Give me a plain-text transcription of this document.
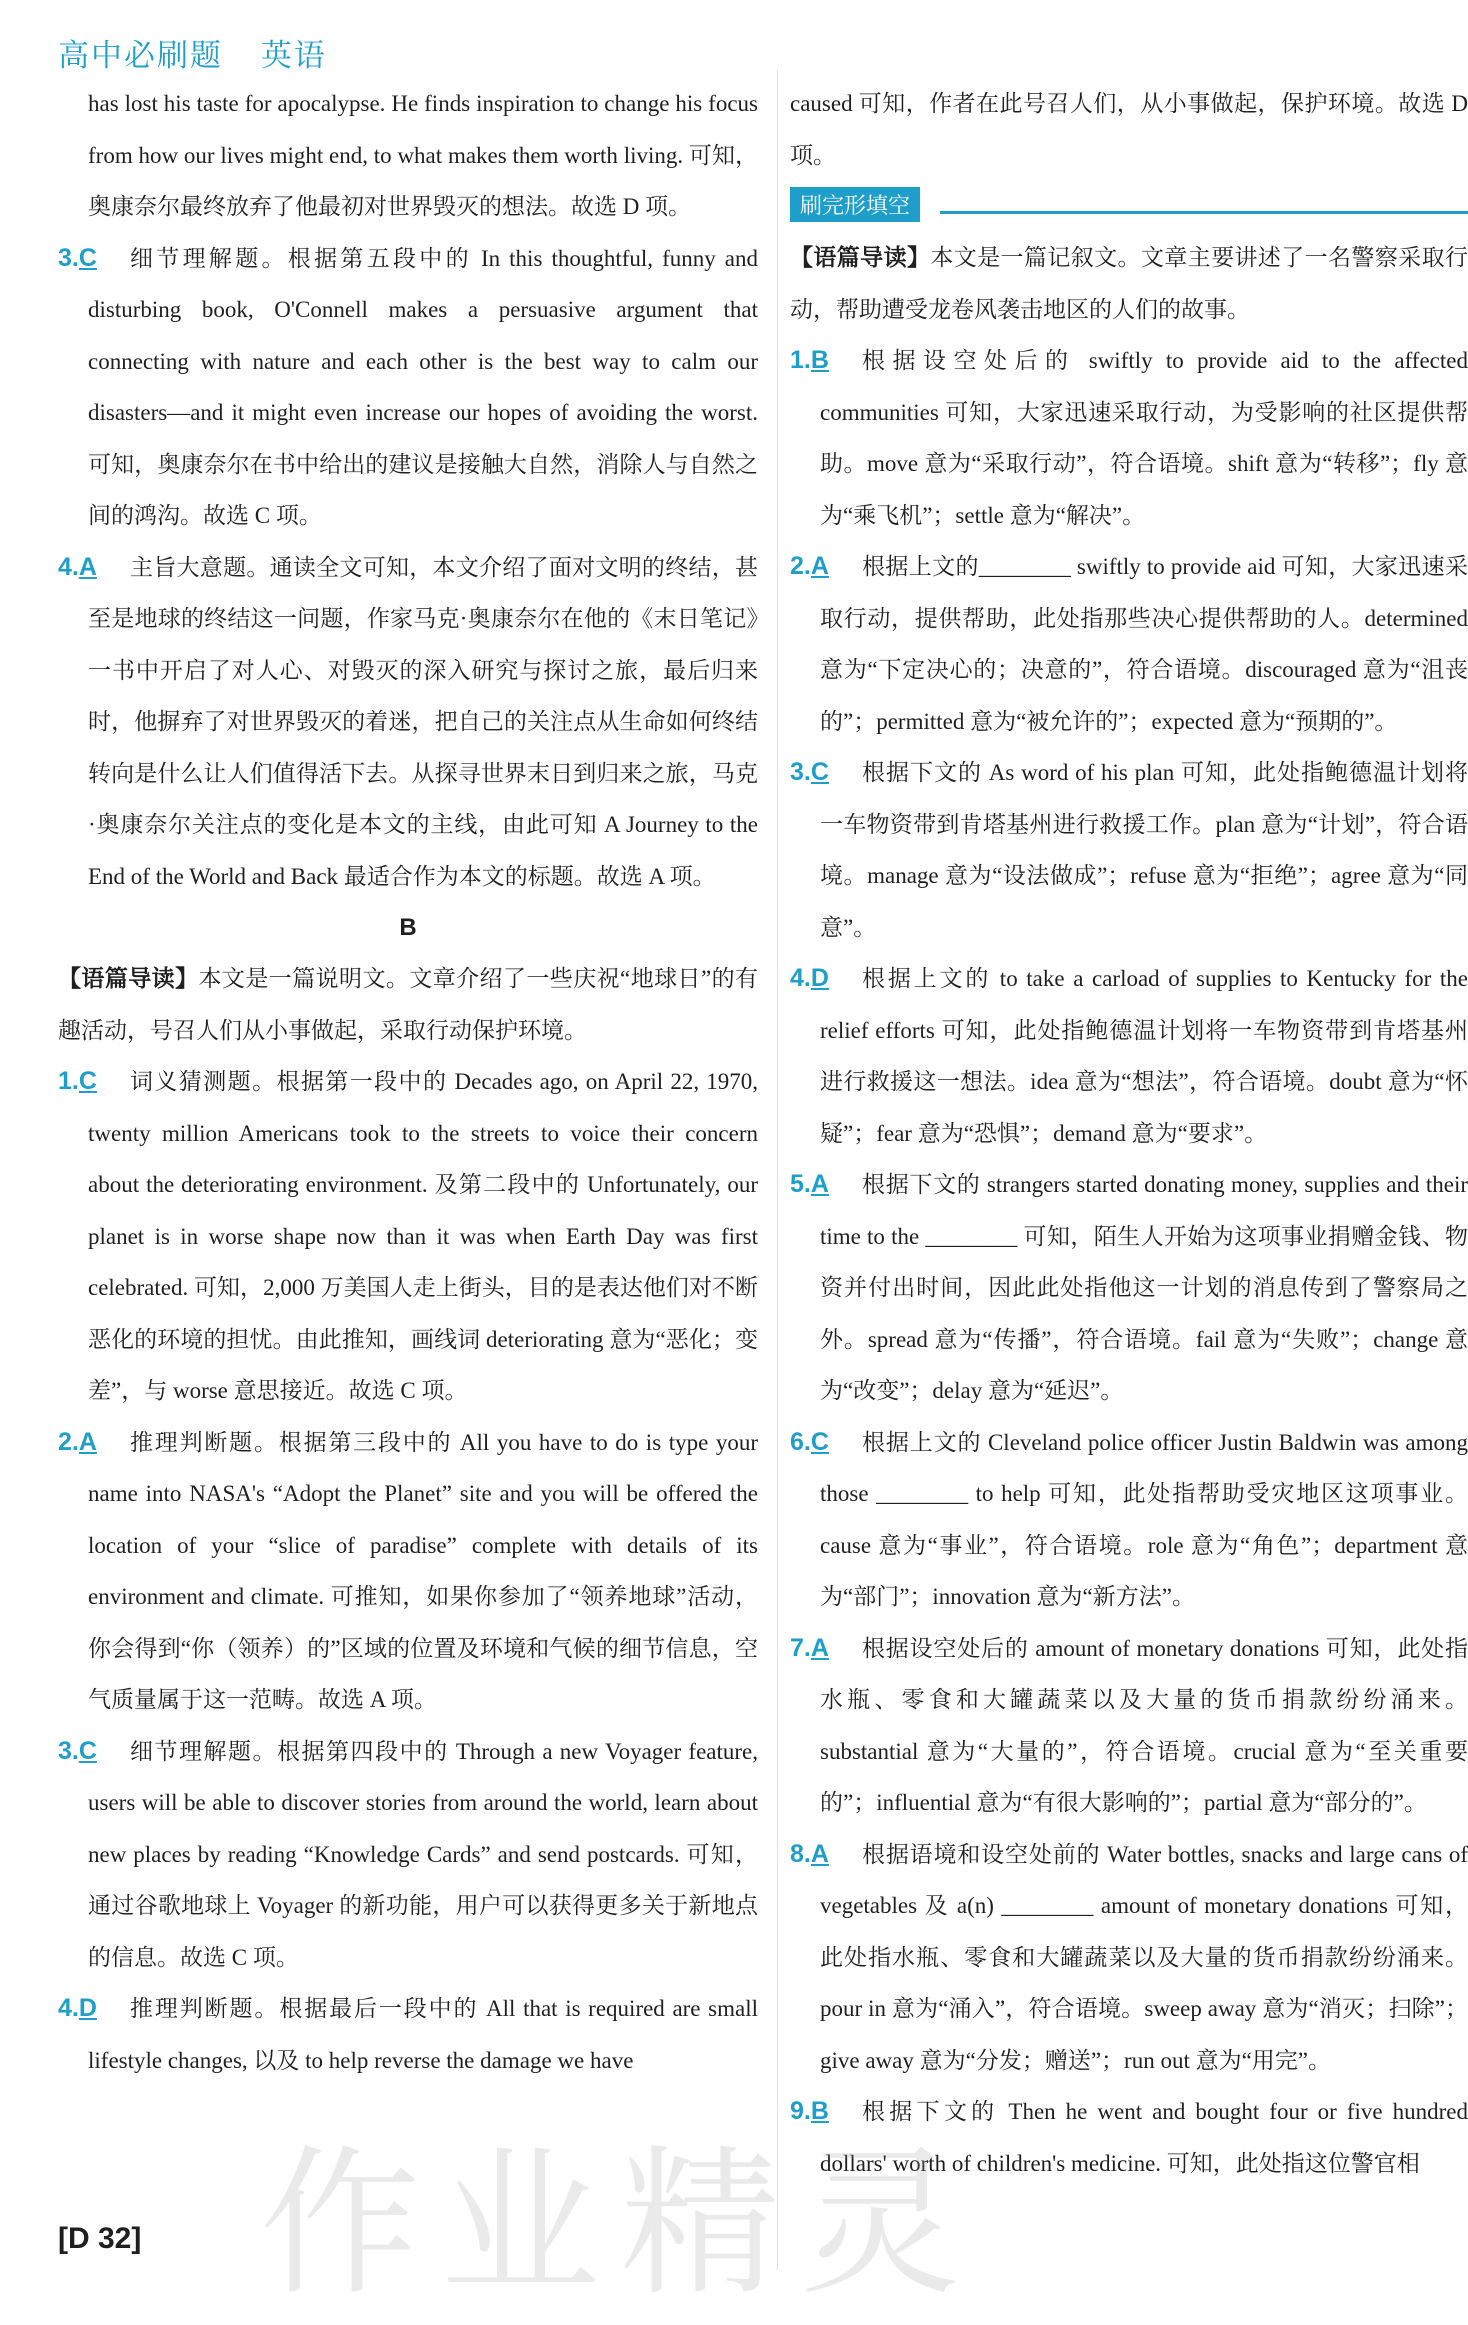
高中必刷题 英语
has lost his taste for apocalypse. He finds inspiration to change his focus from how our lives might end, to what makes them worth living. 可知，奥康奈尔最终放弃了他最初对世界毁灭的想法。故选 D 项。
3.C	细节理解题。根据第五段中的 In this thoughtful, funny and disturbing book, O'Connell makes a persuasive argument that connecting with nature and each other is the best way to calm our disasters—and it might even increase our hopes of avoiding the worst. 可知，奥康奈尔在书中给出的建议是接触大自然，消除人与自然之间的鸿沟。故选 C 项。
4.A	主旨大意题。通读全文可知，本文介绍了面对文明的终结，甚至是地球的终结这一问题，作家马克·奥康奈尔在他的《末日笔记》一书中开启了对人心、对毁灭的深入研究与探讨之旅，最后归来时，他摒弃了对世界毁灭的着迷，把自己的关注点从生命如何终结转向是什么让人们值得活下去。从探寻世界末日到归来之旅，马克·奥康奈尔关注点的变化是本文的主线，由此可知 A Journey to the End of the World and Back 最适合作为本文的标题。故选 A 项。
B
【语篇导读】本文是一篇说明文。文章介绍了一些庆祝“地球日”的有趣活动，号召人们从小事做起，采取行动保护环境。
1.C	词义猜测题。根据第一段中的 Decades ago, on April 22, 1970, twenty million Americans took to the streets to voice their concern about the deteriorating environment. 及第二段中的 Unfortunately, our planet is in worse shape now than it was when Earth Day was first celebrated. 可知，2,000 万美国人走上街头，目的是表达他们对不断恶化的环境的担忧。由此推知，画线词 deteriorating 意为“恶化；变差”，与 worse 意思接近。故选 C 项。
2.A	推理判断题。根据第三段中的 All you have to do is type your name into NASA's “Adopt the Planet” site and you will be offered the location of your “slice of paradise” complete with details of its environment and climate. 可推知，如果你参加了“领养地球”活动，你会得到“你（领养）的”区域的位置及环境和气候的细节信息，空气质量属于这一范畴。故选 A 项。
3.C	细节理解题。根据第四段中的 Through a new Voyager feature, users will be able to discover stories from around the world, learn about new places by reading “Knowledge Cards” and send postcards. 可知，通过谷歌地球上 Voyager 的新功能，用户可以获得更多关于新地点的信息。故选 C 项。
4.D	推理判断题。根据最后一段中的 All that is required are small lifestyle changes, 以及 to help reverse the damage we have
caused 可知，作者在此号召人们，从小事做起，保护环境。故选 D 项。
刷完形填空
【语篇导读】本文是一篇记叙文。文章主要讲述了一名警察采取行动，帮助遭受龙卷风袭击地区的人们的故事。
1.B	根据设空处后的 swiftly to provide aid to the affected communities 可知，大家迅速采取行动，为受影响的社区提供帮助。move 意为“采取行动”，符合语境。shift 意为“转移”；fly 意为“乘飞机”；settle 意为“解决”。
2.A	根据上文的________ swiftly to provide aid 可知，大家迅速采取行动，提供帮助，此处指那些决心提供帮助的人。determined 意为“下定决心的；决意的”，符合语境。discouraged 意为“沮丧的”；permitted 意为“被允许的”；expected 意为“预期的”。
3.C	根据下文的 As word of his plan 可知，此处指鲍德温计划将一车物资带到肯塔基州进行救援工作。plan 意为“计划”，符合语境。manage 意为“设法做成”；refuse 意为“拒绝”；agree 意为“同意”。
4.D	根据上文的 to take a carload of supplies to Kentucky for the relief efforts 可知，此处指鲍德温计划将一车物资带到肯塔基州进行救援这一想法。idea 意为“想法”，符合语境。doubt 意为“怀疑”；fear 意为“恐惧”；demand 意为“要求”。
5.A	根据下文的 strangers started donating money, supplies and their time to the ________ 可知，陌生人开始为这项事业捐赠金钱、物资并付出时间，因此此处指他这一计划的消息传到了警察局之外。spread 意为“传播”，符合语境。fail 意为“失败”；change 意为“改变”；delay 意为“延迟”。
6.C	根据上文的 Cleveland police officer Justin Baldwin was among those ________ to help 可知，此处指帮助受灾地区这项事业。cause 意为“事业”，符合语境。role 意为“角色”；department 意为“部门”；innovation 意为“新方法”。
7.A	根据设空处后的 amount of monetary donations 可知，此处指水瓶、零食和大罐蔬菜以及大量的货币捐款纷纷涌来。substantial 意为“大量的”，符合语境。crucial 意为“至关重要的”；influential 意为“有很大影响的”；partial 意为“部分的”。
8.A	根据语境和设空处前的 Water bottles, snacks and large cans of vegetables 及 a(n) ________ amount of monetary donations 可知，此处指水瓶、零食和大罐蔬菜以及大量的货币捐款纷纷涌来。pour in 意为“涌入”，符合语境。sweep away 意为“消灭；扫除”；give away 意为“分发；赠送”；run out 意为“用完”。
9.B	根据下文的 Then he went and bought four or five hundred dollars' worth of children's medicine. 可知，此处指这位警官相
[D 32] 作业精灵
